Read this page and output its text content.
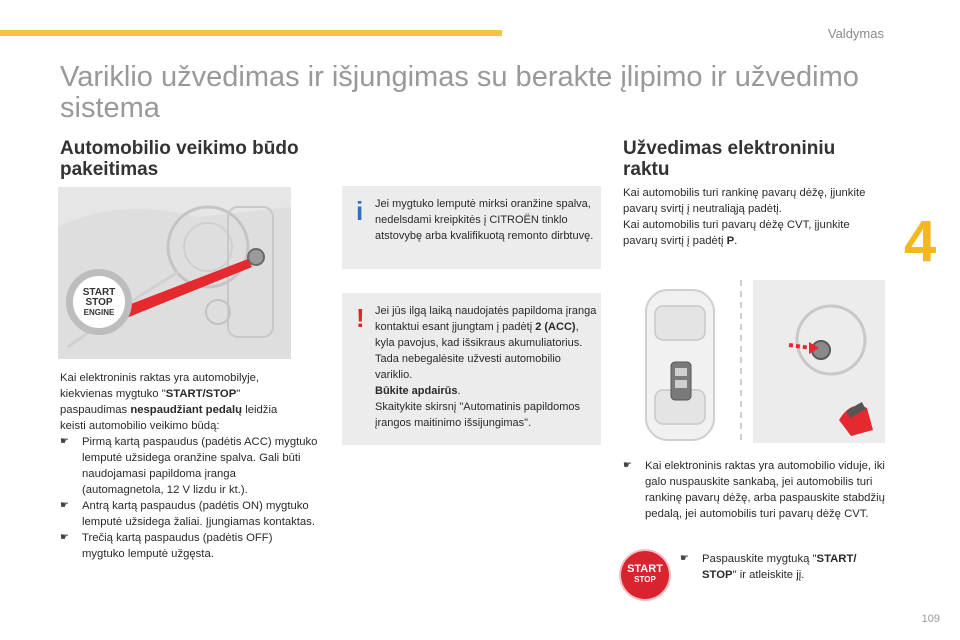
Valdymas
4
109
Variklio užvedimas ir išjungimas su berakte įlipimo ir užvedimo sistema
Automobilio veikimo būdo
pakeitimas
START
STOP
ENGINE

Kai elektroninis raktas yra automobilyje, kiekvienas mygtuko "START/STOP" paspaudimas nespaudžiant pedalų leidžia keisti automobilio veikimo būdą:

☛ Pirmą kartą paspaudus (padėtis ACC) mygtuko lemputė užsidega oranžine spalva. Gali būti naudojamasi papildoma įranga (automagnetola, 12 V lizdu ir kt.).
☛ Antrą kartą paspaudus (padėtis ON) mygtuko lemputė užsidega žaliai. Įjungiamas kontaktas.
☛ Trečią kartą paspaudus (padėtis OFF) mygtuko lemputė užgęsta.
i Jei mygtuko lemputė mirksi oranžine spalva, nedelsdami kreipkitės į CITROËN tinklo atstovybę arba kvalifikuotą remonto dirbtuvę.
! Jei jūs ilgą laiką naudojatės papildoma įranga kontaktui esant įjungtam į padėtį 2 (ACC), kyla pavojus, kad išsikraus akumuliatorius. Tada nebegalėsite užvesti automobilio variklio.
Būkite apdairūs.
Skaitykite skirsnį "Automatinis papildomos įrangos maitinimo išsijungimas".
Užvedimas elektroniniu
raktu

Kai automobilis turi rankinę pavarų dėžę, įjunkite pavarų svirtį į neutraliąją padėtį.

Kai automobilis turi pavarų dėžę CVT, įjunkite pavarų svirtį į padėtį P.

☛ Kai elektroninis raktas yra automobilio viduje, iki galo nuspauskite sankabą, jei automobilis turi rankinę pavarų dėžę, arba paspauskite stabdžių pedalą, jei automobilis turi pavarų dėžę CVT.
START
STOP
☛ Paspauskite mygtuką "START/ STOP" ir atleiskite jį.
